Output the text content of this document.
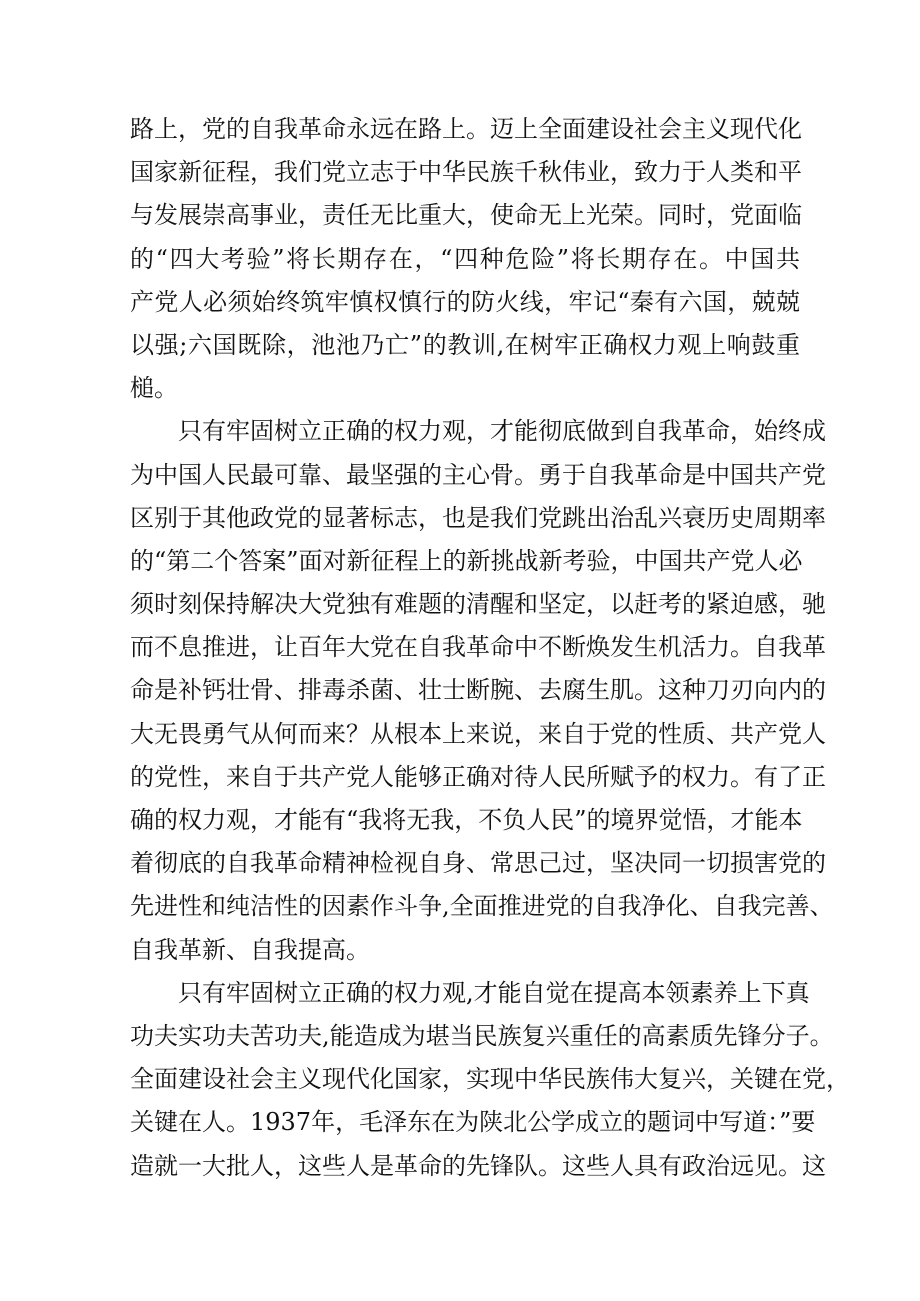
路上，党的自我革命永远在路上。迈上全面建设社会主义现代化
国家新征程，我们党立志于中华民族千秋伟业，致力于人类和平
与发展崇高事业，责任无比重大，使命无上光荣。同时，党面临
的“四大考验”将长期存在，“四种危险”将长期存在。中国共
产党人必须始终筑牢慎权慎行的防火线，牢记“秦有六国，兢兢
以强;六国既除，池池乃亡”的教训,在树牢正确权力观上响鼓重
槌。
只有牢固树立正确的权力观，才能彻底做到自我革命，始终成
为中国人民最可靠、最坚强的主心骨。勇于自我革命是中国共产党
区别于其他政党的显著标志，也是我们党跳出治乱兴衰历史周期率
的“第二个答案”面对新征程上的新挑战新考验，中国共产党人必
须时刻保持解决大党独有难题的清醒和坚定，以赶考的紧迫感，驰
而不息推进，让百年大党在自我革命中不断焕发生机活力。自我革
命是补钙壮骨、排毒杀菌、壮士断腕、去腐生肌。这种刀刃向内的
大无畏勇气从何而来？从根本上来说，来自于党的性质、共产党人
的党性，来自于共产党人能够正确对待人民所赋予的权力。有了正
确的权力观，才能有“我将无我，不负人民”的境界觉悟，才能本
着彻底的自我革命精神检视自身、常思己过，坚决同一切损害党的
先进性和纯洁性的因素作斗争,全面推进党的自我净化、自我完善、
自我革新、自我提高。
只有牢固树立正确的权力观,才能自觉在提高本领素养上下真
功夫实功夫苦功夫,能造成为堪当民族复兴重任的高素质先锋分子。
全面建设社会主义现代化国家，实现中华民族伟大复兴，关键在党，
关键在人。1937年，毛泽东在为陕北公学成立的题词中写道：”要
造就一大批人，这些人是革命的先锋队。这些人具有政治远见。这
